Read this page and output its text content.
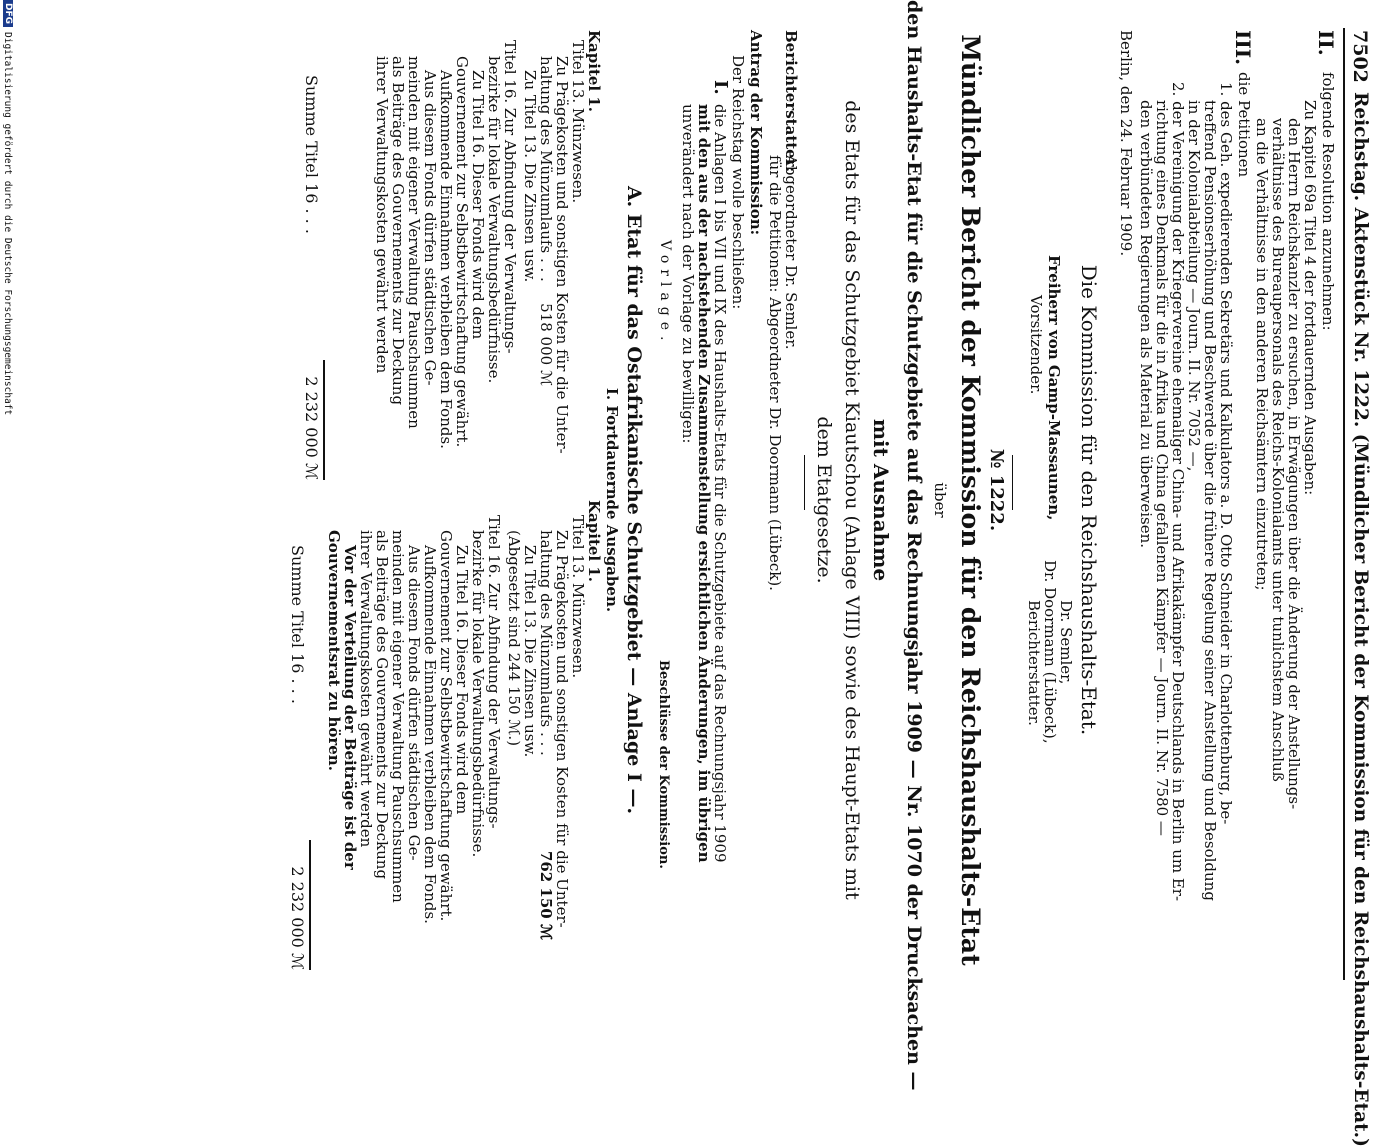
7502
Reichstag. Aktenstück Nr. 1222. (Mündlicher Bericht der Kommission für den Reichshaushalts-Etat.)
II.
folgende Resolution anzunehmen:
Zu Kapitel 69a Titel 4 der fortdauernden Ausgaben:
den Herrn Reichskanzler zu ersuchen, in Erwägungen über die Änderung der Anstellungs-
verhältnisse des Bureaupersonals des Reichs-Kolonialamts unter tunlichstem Anschluß
an die Verhältnisse in den anderen Reichsämtern einzutreten;
III.
die Petitionen
1. des Geh. expedierenden Sekretärs und Kalkulators a. D. Otto Schneider in Charlottenburg, be-
treffend Pensionserhöhung und Beschwerde über die frühere Regelung seiner Anstellung und Besoldung
in der Kolonialabteilung — Journ. II. Nr. 7052 —,
2. der Vereinigung der Kriegervereine ehemaliger China- und Afrikakämpfer Deutschlands in Berlin um Er-
richtung eines Denkmals für die in Afrika und China gefallenen Kämpfer — Journ. II. Nr. 7580 —
den verbündeten Regierungen als Material zu überweisen.
Berlin, den 24. Februar 1909.
Die Kommission für den Reichshaushalts-Etat.
Freiherr von Gamp-Massaunen,
Vorsitzender.
Dr. Semler,
Dr. Doormann (Lübeck),
Berichterstatter.
№ 1222.
Mündlicher Bericht der Kommission für den Reichshaushalts-Etat
über
den Haushalts-Etat für die Schutzgebiete auf das Rechnungsjahr 1909 — Nr. 1070 der Drucksachen —
mit Ausnahme
des Etats für das Schutzgebiet Kiautschou (Anlage VIII) sowie des Haupt-Etats mit
dem Etatgesetze.
Berichterstatter:
Abgeordneter Dr. Semler.
für die Petitionen: Abgeordneter Dr. Doormann (Lübeck).
Antrag der Kommission:
Der Reichstag wolle beschließen:
I.
die Anlagen I bis VII und IX des Haushalts-Etats für die Schutzgebiete auf das Rechnungsjahr 1909
mit den aus der nachstehenden Zusammenstellung ersichtlichen Änderungen, im übrigen
unverändert nach der Vorlage zu bewilligen:
Vorlage.
Beschlüsse der Kommission.
A. Etat für das Ostafrikanische Schutzgebiet — Anlage I —.
I. Fortdauernde Ausgaben.
Kapitel 1.
Titel 13. Münzwesen.
Zu Prägekosten und sonstigen Kosten für die Unter-
haltung des Münzumlaufs . . .
518 000 ℳ
Zu Titel 13. Die Zinsen usw.
Titel 16. Zur Abfindung der Verwaltungs-
bezirke für lokale Verwaltungsbedürfnisse.
Zu Titel 16. Dieser Fonds wird dem
Gouvernement zur Selbstbewirtschaftung gewährt.
Aufkommende Einnahmen verbleiben dem Fonds.
Aus diesem Fonds dürfen städtischen Ge-
meinden mit eigener Verwaltung Pauschsummen
als Beiträge des Gouvernements zur Deckung
ihrer Verwaltungskosten gewährt werden
Summe Titel 16 . . .
2 232 000 ℳ
Kapitel 1.
Titel 13. Münzwesen.
Zu Prägekosten und sonstigen Kosten für die Unter-
haltung des Münzumlaufs . . .
762 150 ℳ
Zu Titel 13. Die Zinsen usw.
(Abgesetzt sind 244 150 ℳ.)
Titel 16. Zur Abfindung der Verwaltungs-
bezirke für lokale Verwaltungsbedürfnisse.
Zu Titel 16. Dieser Fonds wird dem
Gouvernement zur Selbstbewirtschaftung gewährt.
Aufkommende Einnahmen verbleiben dem Fonds.
Aus diesem Fonds dürfen städtischen Ge-
meinden mit eigener Verwaltung Pauschsummen
als Beiträge des Gouvernements zur Deckung
ihrer Verwaltungskosten gewährt werden
Vor der Verteilung der Beiträge ist der
Gouvernementsrat zu hören.
Summe Titel 16 . . .
2 232 000 ℳ
DFG
Digitalisierung gefördert durch die Deutsche Forschungsgemeinschaft
